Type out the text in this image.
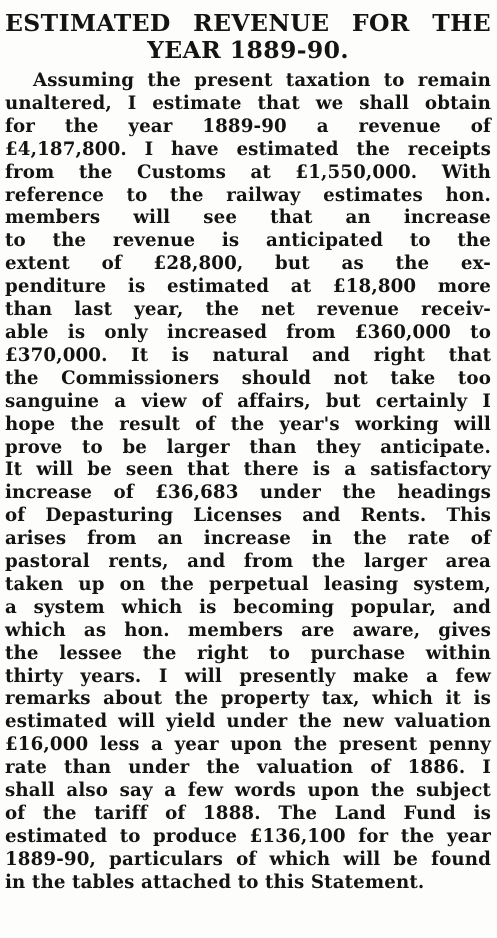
ESTIMATED REVENUE FOR THE
YEAR 1889-90.
Assuming the present taxation to remain
unaltered, I estimate that we shall obtain
for the year 1889-90 a revenue of
£4,187,800. I have estimated the receipts
from the Customs at £1,550,000. With
reference to the railway estimates hon.
members will see that an increase
to the revenue is anticipated to the
extent of £28,800, but as the ex-
penditure is estimated at £18,800 more
than last year, the net revenue receiv-
able is only increased from £360,000 to
£370,000. It is natural and right that
the Commissioners should not take too
sanguine a view of affairs, but certainly I
hope the result of the year's working will
prove to be larger than they anticipate.
It will be seen that there is a satisfactory
increase of £36,683 under the headings
of Depasturing Licenses and Rents. This
arises from an increase in the rate of
pastoral rents, and from the larger area
taken up on the perpetual leasing system,
a system which is becoming popular, and
which as hon. members are aware, gives
the lessee the right to purchase within
thirty years. I will presently make a few
remarks about the property tax, which it is
estimated will yield under the new valuation
£16,000 less a year upon the present penny
rate than under the valuation of 1886. I
shall also say a few words upon the subject
of the tariff of 1888. The Land Fund is
estimated to produce £136,100 for the year
1889-90, particulars of which will be found
in the tables attached to this Statement.
